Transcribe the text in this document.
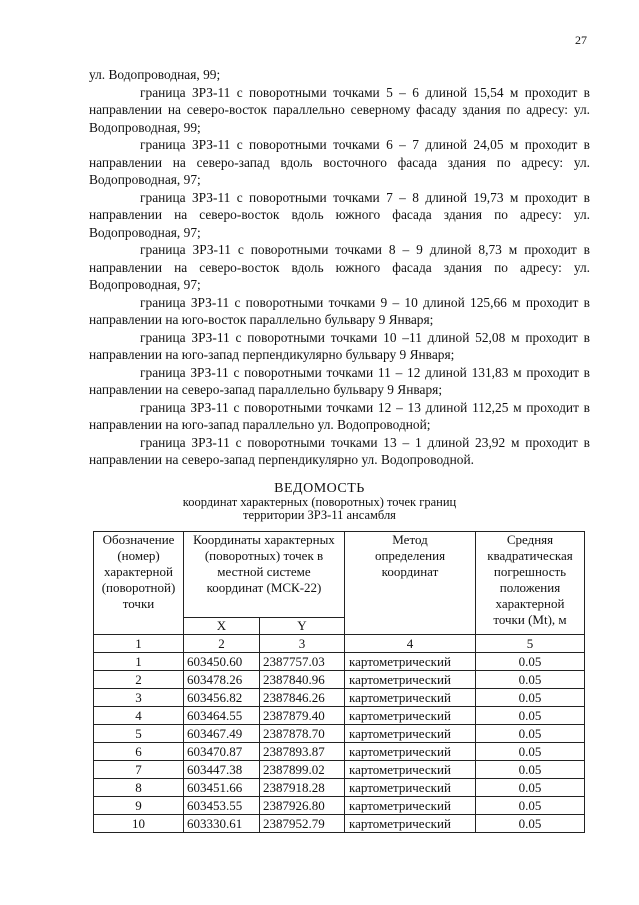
27

ул. Водопроводная, 99;

граница ЗРЗ-11 с поворотными точками 5 – 6 длиной 15,54 м проходит в направлении на северо-восток параллельно северному фасаду здания по адресу: ул. Водопроводная, 99;

граница ЗРЗ-11 с поворотными точками 6 – 7 длиной 24,05 м проходит в направлении на северо-запад вдоль восточного фасада здания по адресу: ул. Водопроводная, 97;

граница ЗРЗ-11 с поворотными точками 7 – 8 длиной 19,73 м проходит в направлении на северо-восток вдоль южного фасада здания по адресу: ул. Водопроводная, 97;

граница ЗРЗ-11 с поворотными точками 8 – 9 длиной 8,73 м проходит в направлении на северо-восток вдоль южного фасада здания по адресу: ул. Водопроводная, 97;

граница ЗРЗ-11 с поворотными точками 9 – 10 длиной 125,66 м проходит в направлении на юго-восток параллельно бульвару 9 Января;

граница ЗРЗ-11 с поворотными точками 10 –11 длиной 52,08 м проходит в направлении на юго-запад перпендикулярно бульвару 9 Января;

граница ЗРЗ-11 с поворотными точками 11 – 12 длиной 131,83 м проходит в направлении на северо-запад параллельно бульвару 9 Января;

граница ЗРЗ-11 с поворотными точками 12 – 13 длиной 112,25 м проходит в направлении на юго-запад параллельно ул. Водопроводной;

граница ЗРЗ-11 с поворотными точками 13 – 1 длиной 23,92 м проходит в направлении на северо-запад перпендикулярно ул. Водопроводной.

ВЕДОМОСТЬ
координат характерных (поворотных) точек границ
территории ЗРЗ-11 ансамбля
Обозначение (номер) характерной (поворотной) точки	Координаты характерных (поворотных) точек в местной системе координат (МСК-22)		Метод определения координат	Средняя квадратическая погрешность положения характерной точки (Mt), м
	X	Y		
1	2	3	4	5
1	603450.60	2387757.03	картометрический	0.05
2	603478.26	2387840.96	картометрический	0.05
3	603456.82	2387846.26	картометрический	0.05
4	603464.55	2387879.40	картометрический	0.05
5	603467.49	2387878.70	картометрический	0.05
6	603470.87	2387893.87	картометрический	0.05
7	603447.38	2387899.02	картометрический	0.05
8	603451.66	2387918.28	картометрический	0.05
9	603453.55	2387926.80	картометрический	0.05
10	603330.61	2387952.79	картометрический	0.05
